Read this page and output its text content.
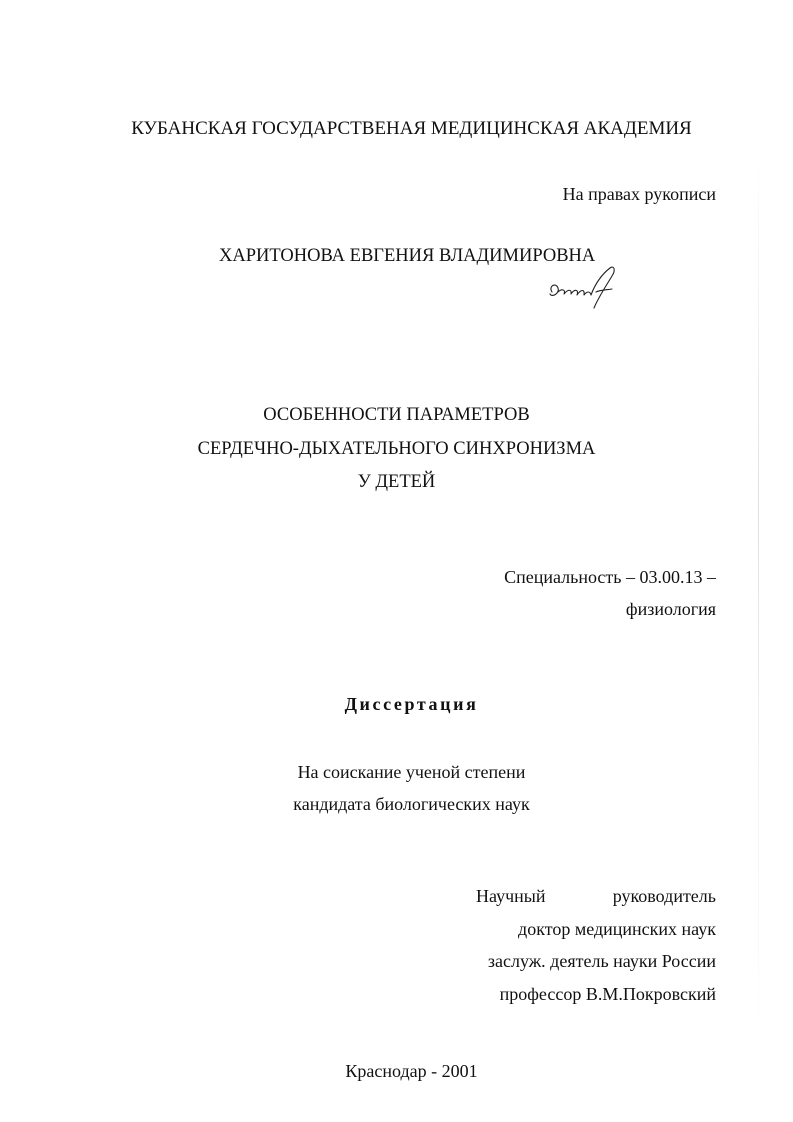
КУБАНСКАЯ ГОСУДАРСТВЕНАЯ МЕДИЦИНСКАЯ АКАДЕМИЯ
На правах рукописи
ХАРИТОНОВА ЕВГЕНИЯ ВЛАДИМИРОВНА
ОСОБЕННОСТИ ПАРАМЕТРОВ
СЕРДЕЧНО-ДЫХАТЕЛЬНОГО СИНХРОНИЗМА
У ДЕТЕЙ
Специальность – 03.00.13 –
физиология
Диссертация
На соискание ученой степени
кандидата биологических наук
Научный	руководитель
доктор медицинских наук
заслуж. деятель науки России
профессор В.М.Покровский
Краснодар - 2001
